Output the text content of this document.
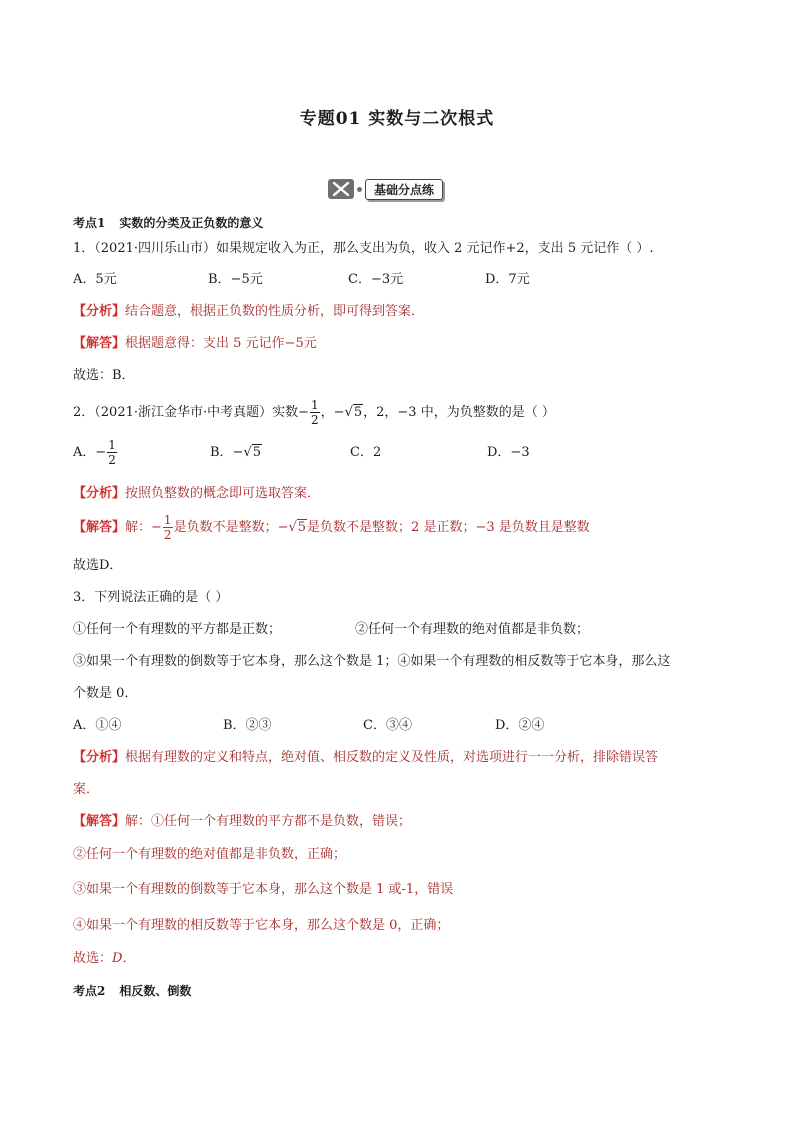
专题01 实数与二次根式
基础分点练
考点1 实数的分类及正负数的意义
1．（2021·四川乐山市）如果规定收入为正，那么支出为负，收入 2 元记作+2，支出 5 元记作（ ）.
A．5元	B．−5元	C．−3元	D．7元
【分析】结合题意，根据正负数的性质分析，即可得到答案．
【解答】根据题意得：支出 5 元记作−5元
故选：B．
2．（2021·浙江金华市·中考真题）实数− $\frac{1}{2}$ ，−√5，2，−3 中，为负整数的是（ ）
A．− $\frac{1}{2}$	B．−√5	C．2	D．−3
【分析】按照负整数的概念即可选取答案．
【解答】解：− $\frac{1}{2}$ 是负数不是整数；−√5是负数不是整数；2 是正数；−3 是负数且是整数
故选D．
3．下列说法正确的是（ ）
①任何一个有理数的平方都是正数；	②任何一个有理数的绝对值都是非负数；
③如果一个有理数的倒数等于它本身，那么这个数是 1；④如果一个有理数的相反数等于它本身，那么这
个数是 0．
A．①④	B．②③	C．③④	D．②④
【分析】根据有理数的定义和特点，绝对值、相反数的定义及性质，对选项进行一一分析，排除错误答
案．
【解答】解：①任何一个有理数的平方都不是负数，错误；
②任何一个有理数的绝对值都是非负数，正确；
③如果一个有理数的倒数等于它本身，那么这个数是 1 或-1，错误
④如果一个有理数的相反数等于它本身，那么这个数是 0，正确；
故选：D．
考点2 相反数、倒数
